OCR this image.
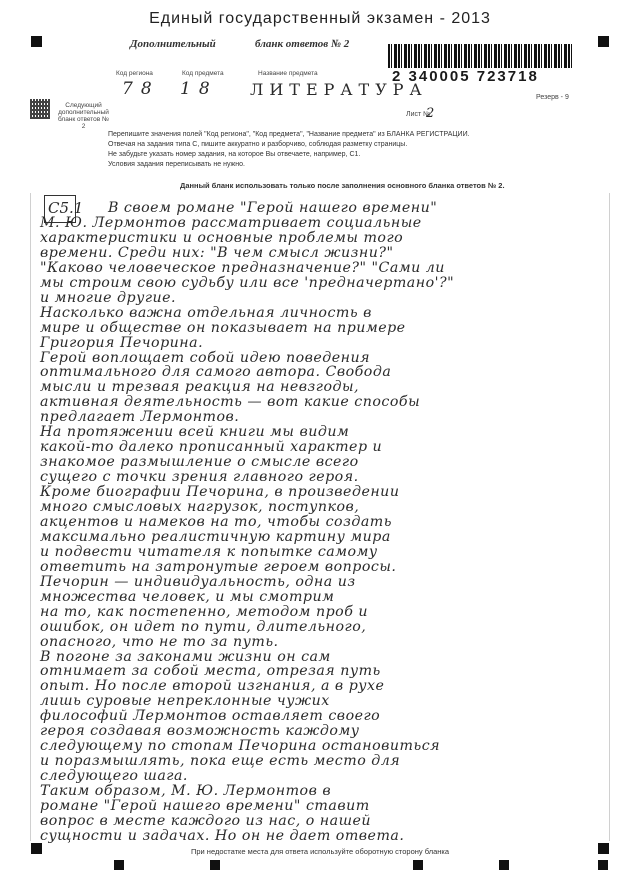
Единый государственный экзамен - 2013
Дополнительный	бланк ответов № 2
Код региона	Код предмета	Название предмета
78 18 ЛИТЕРАТУРА
2 340005 723718
Резерв - 9
Следующий дополнительный бланк ответов № 2
Лист №
2
Перепишите значения полей "Код региона", "Код предмета", "Название предмета" из БЛАНКА РЕГИСТРАЦИИ.
Отвечая на задания типа С, пишите аккуратно и разборчиво, соблюдая разметку страницы.
Не забудьте указать номер задания, на которое Вы отвечаете, например, С1.
Условия задания переписывать не нужно.
Данный бланк использовать только после заполнения основного бланка ответов № 2.
С5.1 В своем романе "Герой нашего времени"
М. Ю. Лермонтов рассматривает социальные
характеристики и основные проблемы того
времени. Среди них: "В чем смысл жизни?"
"Каково человеческое предназначение?" "Сами ли
мы строим свою судьбу или все 'предначертано'?"
и многие другие.
Насколько важна отдельная личность в
мире и обществе он показывает на примере
Григория Печорина.
Герой воплощает собой идею поведения
оптимального для самого автора. Свобода
мысли и трезвая реакция на невзгоды,
активная деятельность — вот какие способы
предлагает Лермонтов.
На протяжении всей книги мы видим
какой-то далеко прописанный характер и
знакомое размышление о смысле всего
сущего с точки зрения главного героя.
Кроме биографии Печорина, в произведении
много смысловых нагрузок, поступков,
акцентов и намеков на то, чтобы создать
максимально реалистичную картину мира
и подвести читателя к попытке самому
ответить на затронутые героем вопросы.
Печорин — индивидуальность, одна из
множества человек, и мы смотрим
на то, как постепенно, методом проб и
ошибок, он идет по пути, длительного,
опасного, что не то за путь.
В погоне за законами жизни он сам
отнимает за собой места, отрезая путь
опыт. Но после второй изгнания, а в рухе
лишь суровые непреклонные чужих
философий Лермонтов оставляет своего
героя создавая возможность каждому
следующему по стопам Печорина остановиться
и поразмышлять, пока еще есть место для
следующего шага.
Таким образом, М. Ю. Лермонтов в
романе "Герой нашего времени" ставит
вопрос в месте каждого из нас, о нашей
сущности и задачах. Но он не дает ответа.
При недостатке места для ответа используйте оборотную сторону бланка
